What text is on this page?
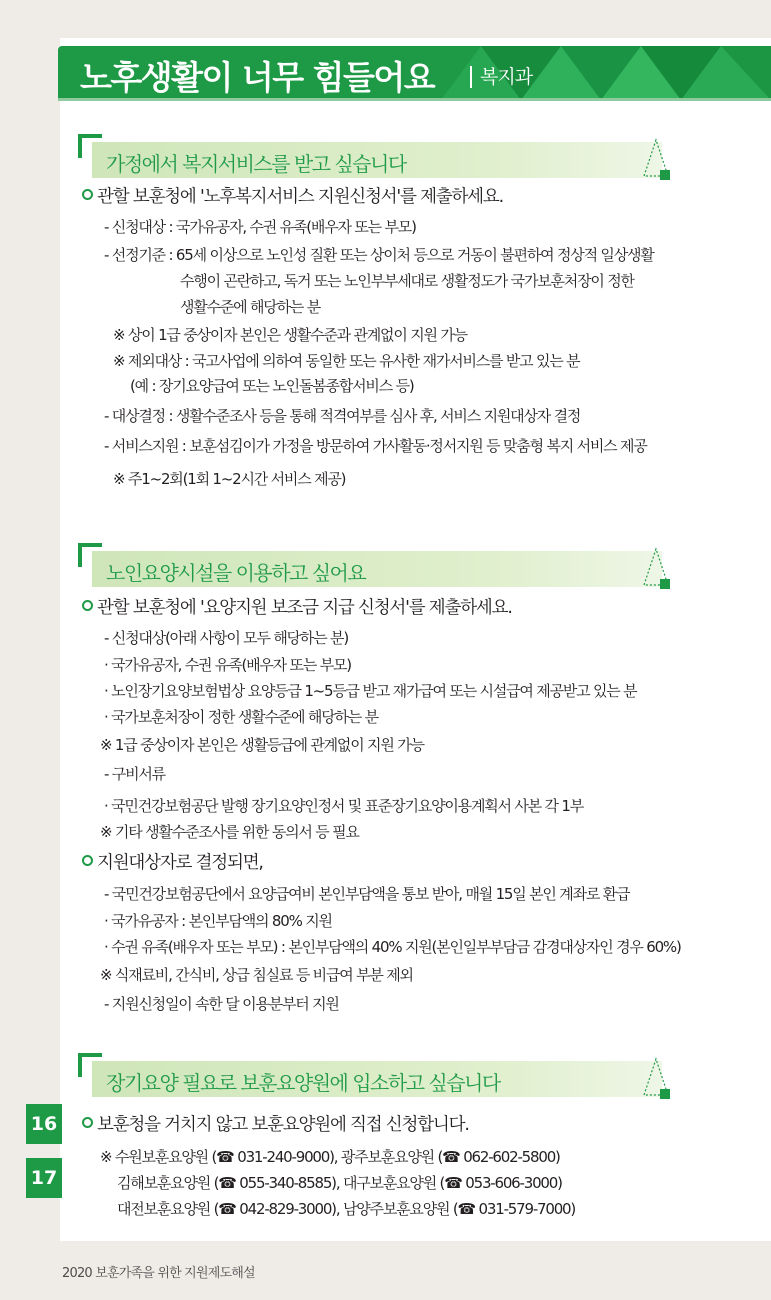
노후생활이 너무 힘들어요 복지과
가정에서 복지서비스를 받고 싶습니다
관할 보훈청에 '노후복지서비스 지원신청서'를 제출하세요.
- 신청대상 : 국가유공자, 수권 유족(배우자 또는 부모)
- 선정기준 : 65세 이상으로 노인성 질환 또는 상이처 등으로 거동이 불편하여 정상적 일상생활
수행이 곤란하고, 독거 또는 노인부부세대로 생활정도가 국가보훈처장이 정한
생활수준에 해당하는 분
※ 상이 1급 중상이자 본인은 생활수준과 관계없이 지원 가능
※ 제외대상 : 국고사업에 의하여 동일한 또는 유사한 재가서비스를 받고 있는 분
(예 : 장기요양급여 또는 노인돌봄종합서비스 등)
- 대상결정 : 생활수준조사 등을 통해 적격여부를 심사 후, 서비스 지원대상자 결정
- 서비스지원 : 보훈섬김이가 가정을 방문하여 가사활동·정서지원 등 맞춤형 복지 서비스 제공
※ 주1~2회(1회 1~2시간 서비스 제공)
노인요양시설을 이용하고 싶어요
관할 보훈청에 '요양지원 보조금 지급 신청서'를 제출하세요.
- 신청대상(아래 사항이 모두 해당하는 분)
· 국가유공자, 수권 유족(배우자 또는 부모)
· 노인장기요양보험법상 요양등급 1~5등급 받고 재가급여 또는 시설급여 제공받고 있는 분
· 국가보훈처장이 정한 생활수준에 해당하는 분
※ 1급 중상이자 본인은 생활등급에 관계없이 지원 가능
- 구비서류
· 국민건강보험공단 발행 장기요양인정서 및 표준장기요양이용계획서 사본 각 1부
※ 기타 생활수준조사를 위한 동의서 등 필요
지원대상자로 결정되면,
- 국민건강보험공단에서 요양급여비 본인부담액을 통보 받아, 매월 15일 본인 계좌로 환급
· 국가유공자 : 본인부담액의 80% 지원
· 수권 유족(배우자 또는 부모) : 본인부담액의 40% 지원(본인일부부담금 감경대상자인 경우 60%)
※ 식재료비, 간식비, 상급 침실료 등 비급여 부분 제외
- 지원신청일이 속한 달 이용분부터 지원
장기요양 필요로 보훈요양원에 입소하고 싶습니다
보훈청을 거치지 않고 보훈요양원에 직접 신청합니다.
※ 수원보훈요양원 (☎ 031-240-9000), 광주보훈요양원 (☎ 062-602-5800)
김해보훈요양원 (☎ 055-340-8585), 대구보훈요양원 (☎ 053-606-3000)
대전보훈요양원 (☎ 042-829-3000), 남양주보훈요양원 (☎ 031-579-7000)
16
17
2020 보훈가족을 위한 지원제도해설
